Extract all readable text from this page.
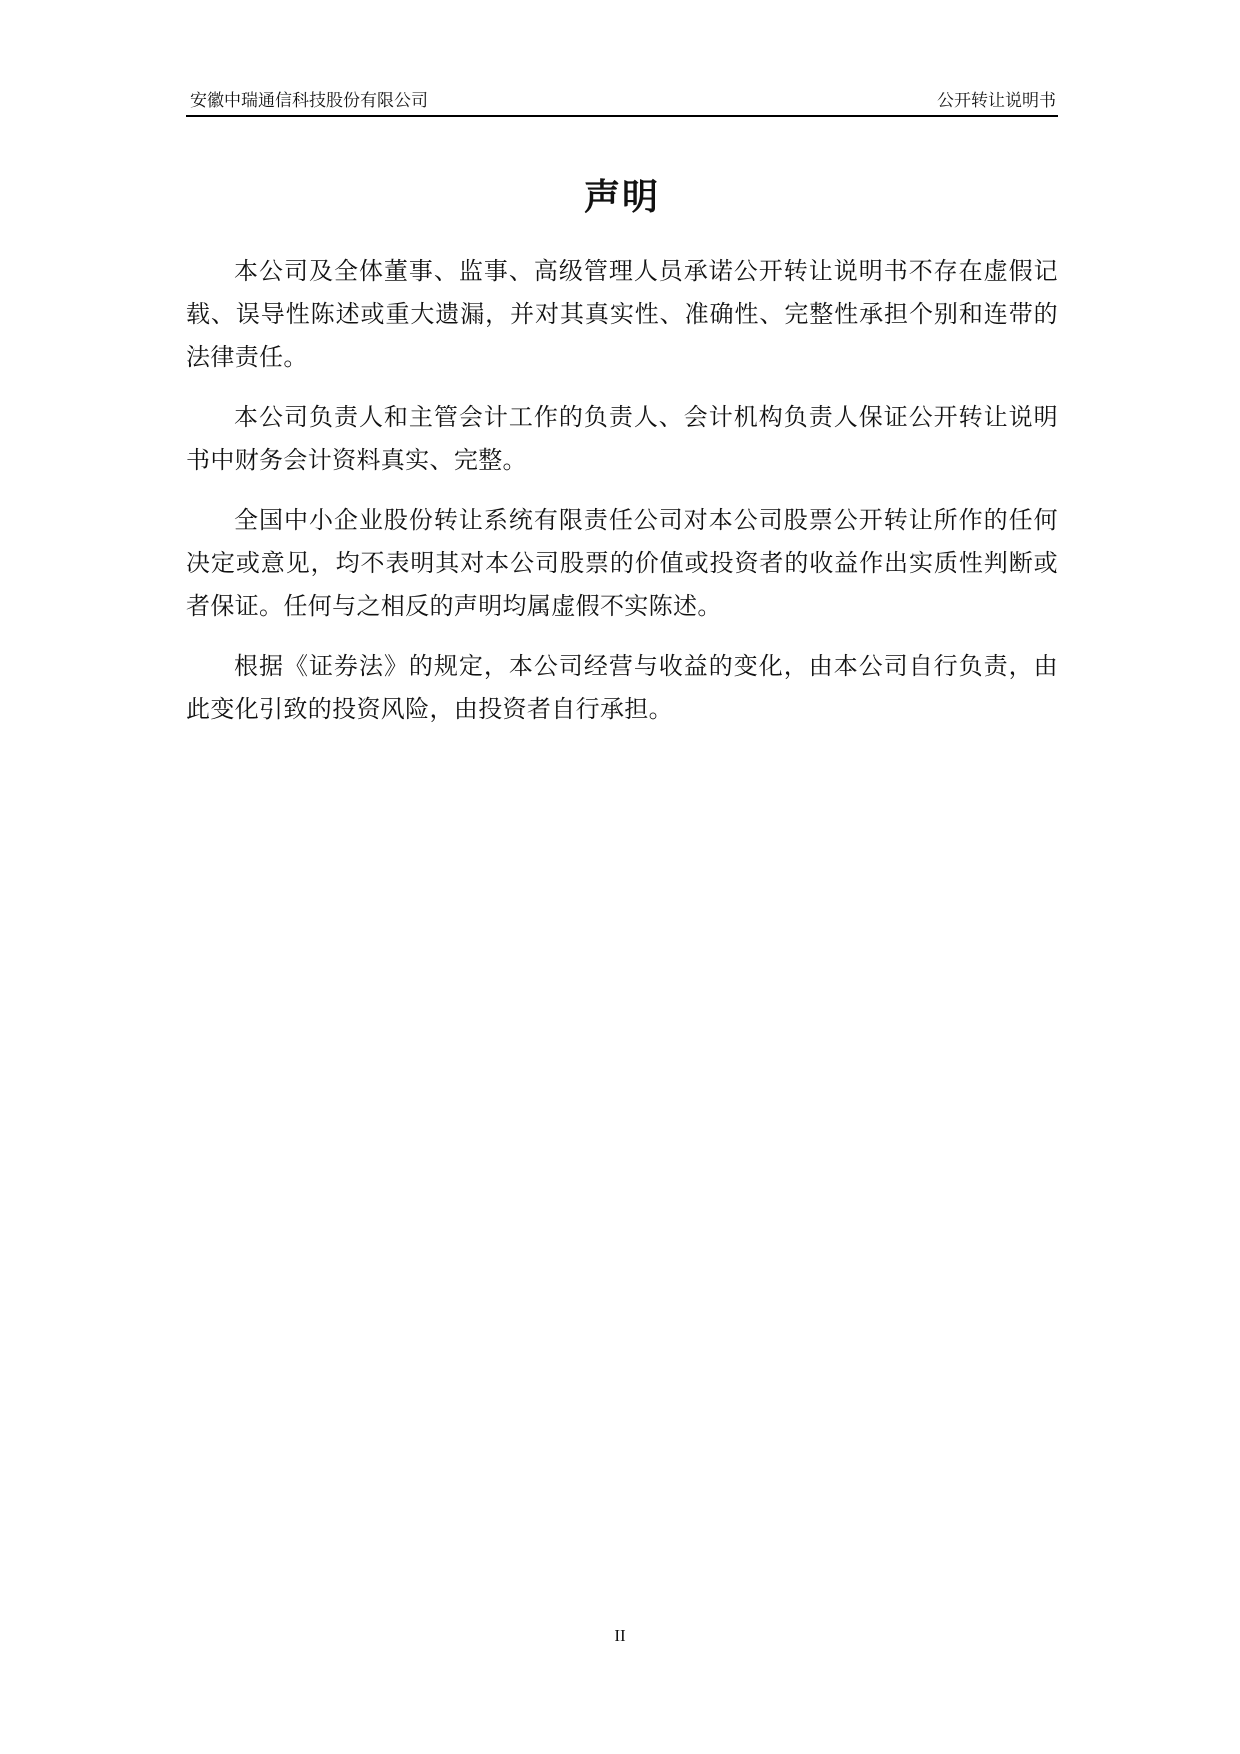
安徽中瑞通信科技股份有限公司	公开转让说明书
声明

本公司及全体董事、监事、高级管理人员承诺公开转让说明书不存在虚假记载、误导性陈述或重大遗漏，并对其真实性、准确性、完整性承担个别和连带的法律责任。

本公司负责人和主管会计工作的负责人、会计机构负责人保证公开转让说明书中财务会计资料真实、完整。

全国中小企业股份转让系统有限责任公司对本公司股票公开转让所作的任何决定或意见，均不表明其对本公司股票的价值或投资者的收益作出实质性判断或者保证。任何与之相反的声明均属虚假不实陈述。

根据《证券法》的规定，本公司经营与收益的变化，由本公司自行负责，由此变化引致的投资风险，由投资者自行承担。

II
